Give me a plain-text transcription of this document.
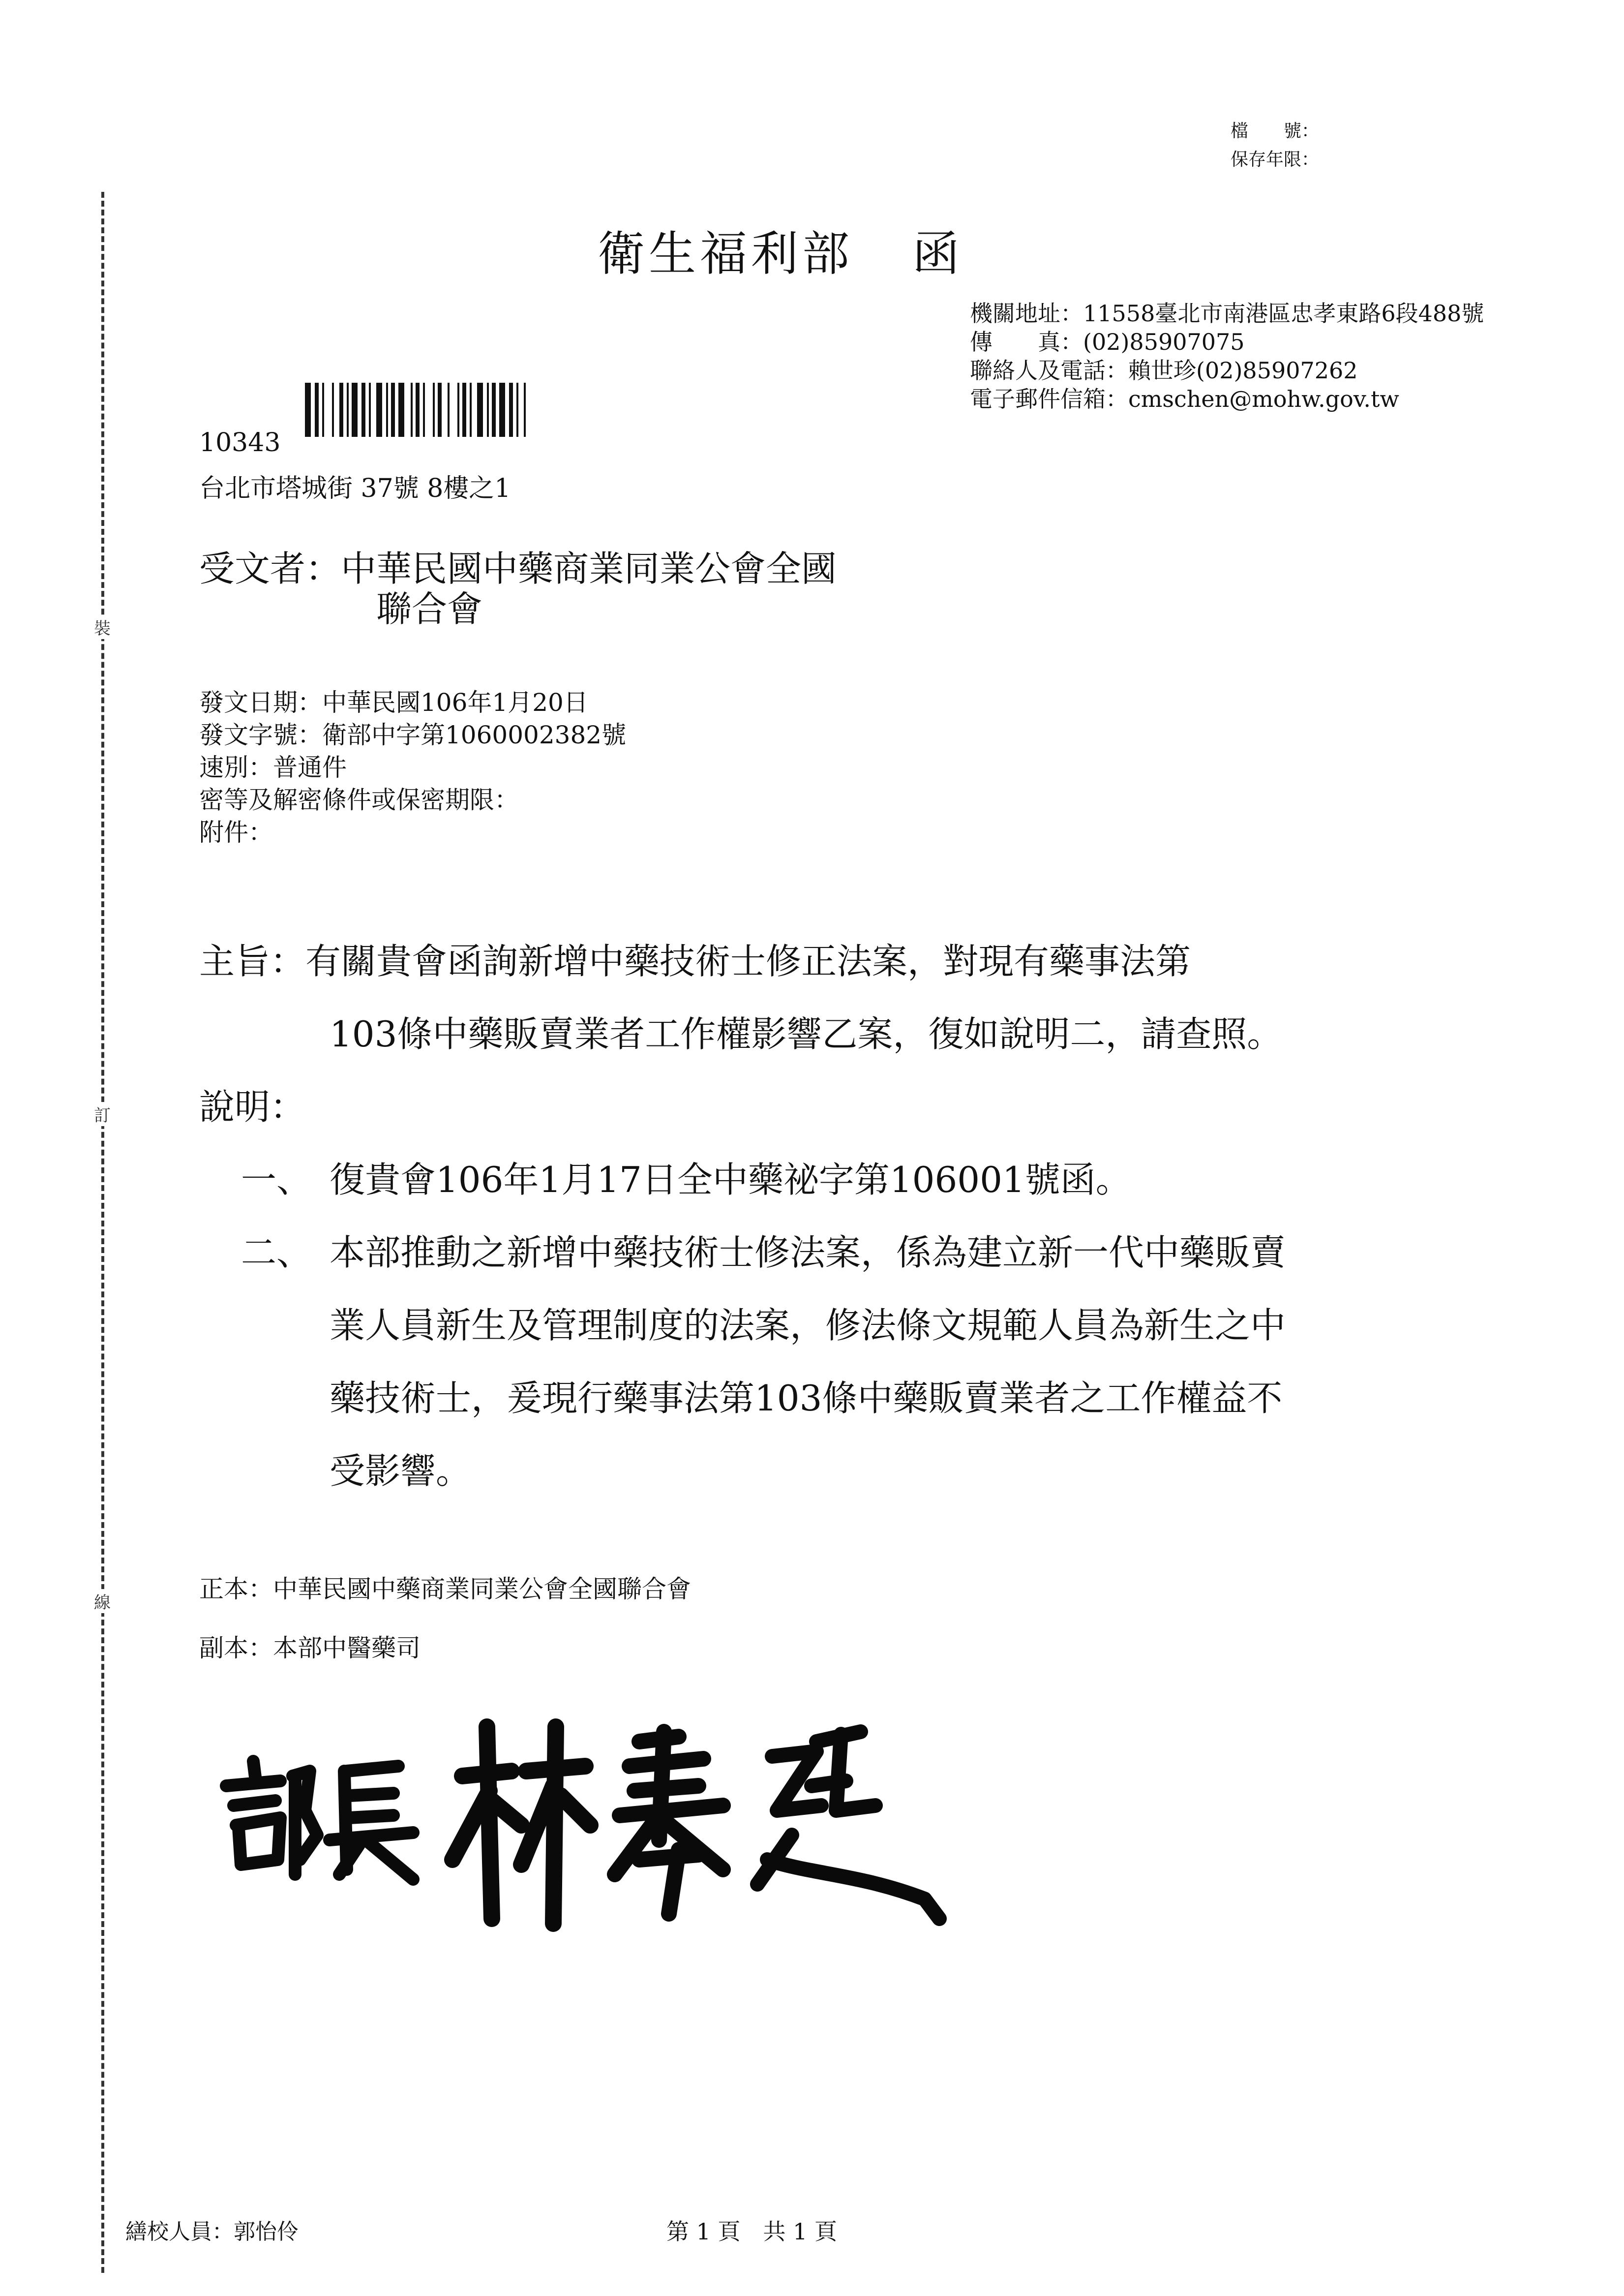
裝
訂
線
檔　　號：
保存年限：
衛生福利部 函
機關地址：11558臺北市南港區忠孝東路6段488號
傳　　真：(02)85907075
聯絡人及電話：賴世珍(02)85907262
電子郵件信箱：cmschen@mohw.gov.tw
10343
台北市塔城街 37號 8樓之1
受文者：中華民國中藥商業同業公會全國
聯合會
發文日期：中華民國106年1月20日
發文字號：衛部中字第1060002382號
速別：普通件
密等及解密條件或保密期限：
附件：
主旨：有關貴會函詢新增中藥技術士修正法案，對現有藥事法第
103條中藥販賣業者工作權影響乙案，復如說明二，請查照。
說明：
一、 復貴會106年1月17日全中藥祕字第106001號函。
二、 本部推動之新增中藥技術士修法案，係為建立新一代中藥販賣
業人員新生及管理制度的法案，修法條文規範人員為新生之中
藥技術士，爰現行藥事法第103條中藥販賣業者之工作權益不
受影響。
正本：中華民國中藥商業同業公會全國聯合會
副本：本部中醫藥司
繕校人員：郭怡伶	第 1 頁　共 1 頁
